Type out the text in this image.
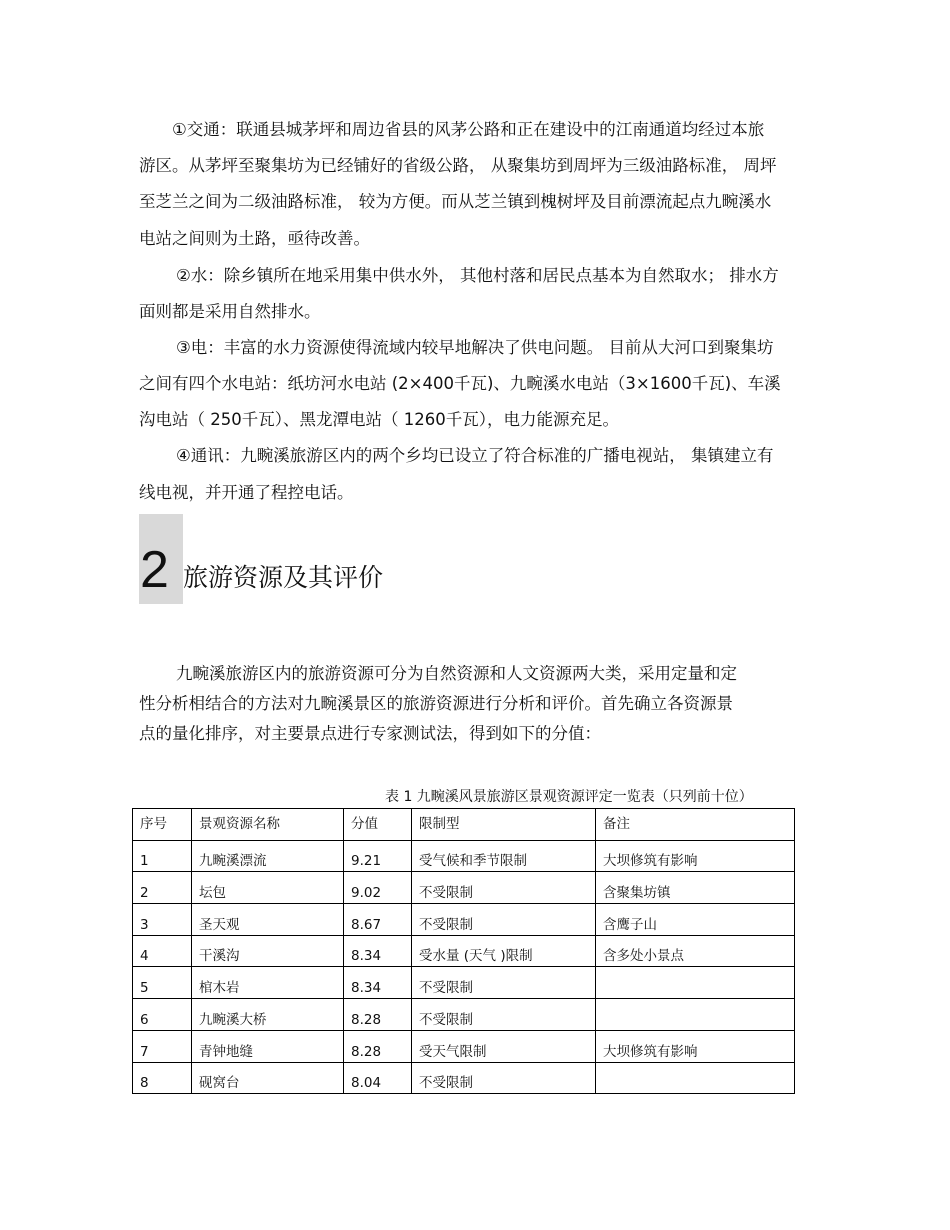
①交通：联通县城茅坪和周边省县的风茅公路和正在建设中的江南通道均经过本旅
游区。从茅坪至聚集坊为已经铺好的省级公路， 从聚集坊到周坪为三级油路标准， 周坪
至芝兰之间为二级油路标准， 较为方便。而从芝兰镇到槐树坪及目前漂流起点九畹溪水
电站之间则为土路，亟待改善。
②水：除乡镇所在地采用集中供水外， 其他村落和居民点基本为自然取水； 排水方
面则都是采用自然排水。
③电：丰富的水力资源使得流域内较早地解决了供电问题。 目前从大河口到聚集坊
之间有四个水电站：纸坊河水电站 (2×400千瓦)、九畹溪水电站（3×1600千瓦)、车溪
沟电站（ 250千瓦）、黑龙潭电站（ 1260千瓦），电力能源充足。
④通讯：九畹溪旅游区内的两个乡均已设立了符合标准的广播电视站， 集镇建立有
线电视，并开通了程控电话。
2 旅游资源及其评价
九畹溪旅游区内的旅游资源可分为自然资源和人文资源两大类，采用定量和定
性分析相结合的方法对九畹溪景区的旅游资源进行分析和评价。首先确立各资源景
点的量化排序，对主要景点进行专家测试法，得到如下的分值：
表 1 九畹溪风景旅游区景观资源评定一览表（只列前十位）
序号	景观资源名称	分值	限制型	备注
1	九畹溪漂流	9.21	受气候和季节限制	大坝修筑有影响
2	坛包	9.02	不受限制	含聚集坊镇
3	圣天观	8.67	不受限制	含鹰子山
4	干溪沟	8.34	受水量 (天气 )限制	含多处小景点
5	棺木岩	8.34	不受限制	
6	九畹溪大桥	8.28	不受限制	
7	青钟地缝	8.28	受天气限制	大坝修筑有影响
8	砚窝台	8.04	不受限制	
